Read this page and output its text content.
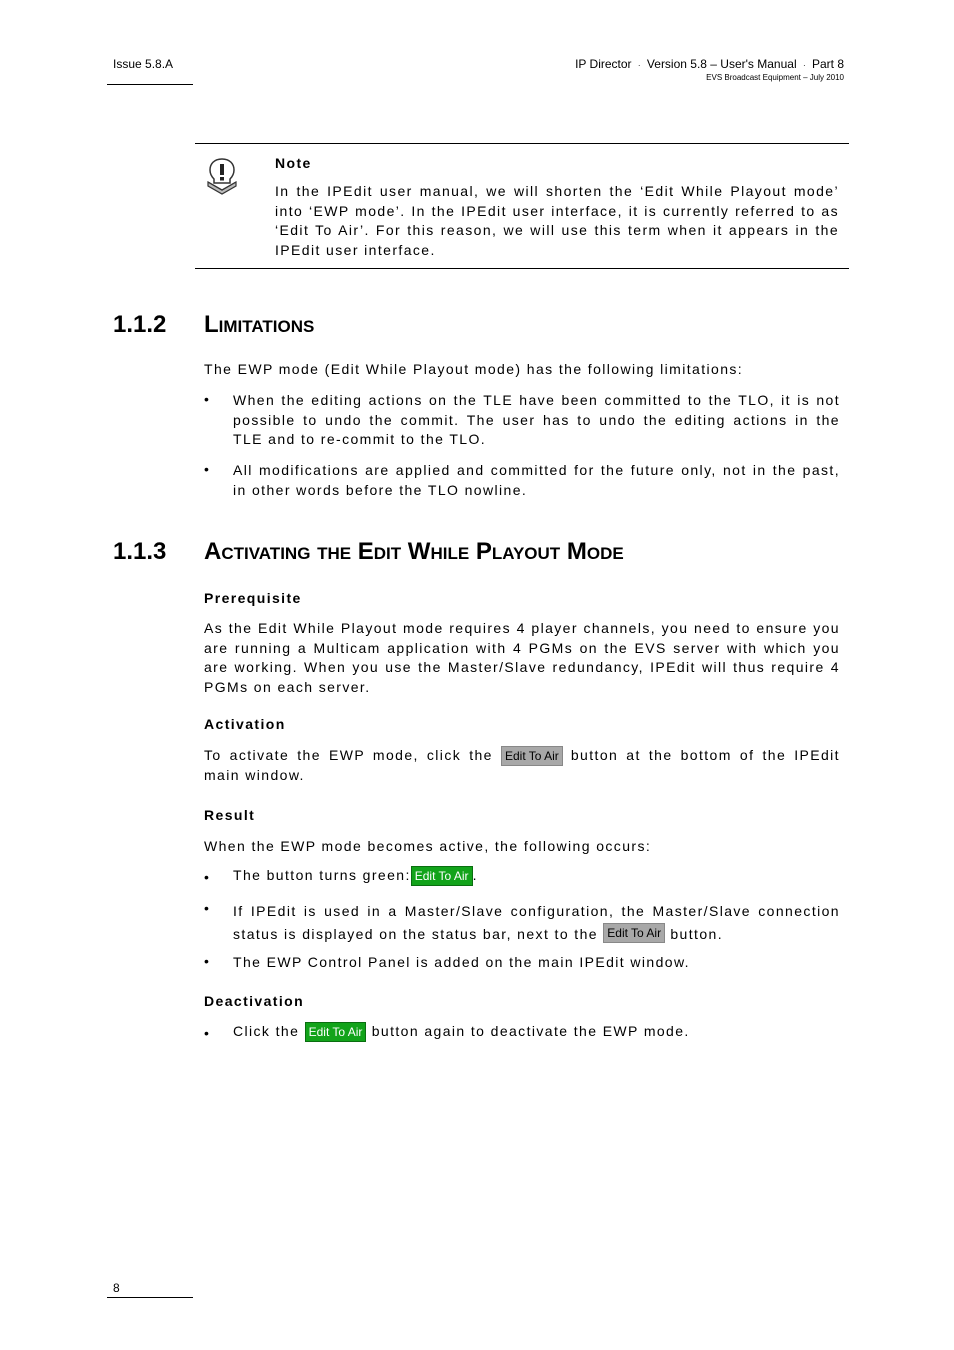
Issue 5.8.A	IP Director · Version 5.8 – User's Manual · Part 8
EVS Broadcast Equipment – July 2010
Note
In the IPEdit user manual, we will shorten the ‘Edit While Playout mode’ into ‘EWP mode’. In the IPEdit user interface, it is currently referred to as ‘Edit To Air’. For this reason, we will use this term when it appears in the IPEdit user interface.
1.1.2 Limitations
The EWP mode (Edit While Playout mode) has the following limitations:
• When the editing actions on the TLE have been committed to the TLO, it is not possible to undo the commit. The user has to undo the editing actions in the TLE and to re-commit to the TLO.
• All modifications are applied and committed for the future only, not in the past, in other words before the TLO nowline.
1.1.3 Activating the Edit While Playout Mode
Prerequisite
As the Edit While Playout mode requires 4 player channels, you need to ensure you are running a Multicam application with 4 PGMs on the EVS server with which you are working. When you use the Master/Slave redundancy, IPEdit will thus require 4 PGMs on each server.
Activation
To activate the EWP mode, click the Edit To Air button at the bottom of the IPEdit main window.
Result
When the EWP mode becomes active, the following occurs:
• The button turns green: Edit To Air .
• If IPEdit is used in a Master/Slave configuration, the Master/Slave connection status is displayed on the status bar, next to the Edit To Air button.
• The EWP Control Panel is added on the main IPEdit window.
Deactivation
• Click the Edit To Air button again to deactivate the EWP mode.
8
